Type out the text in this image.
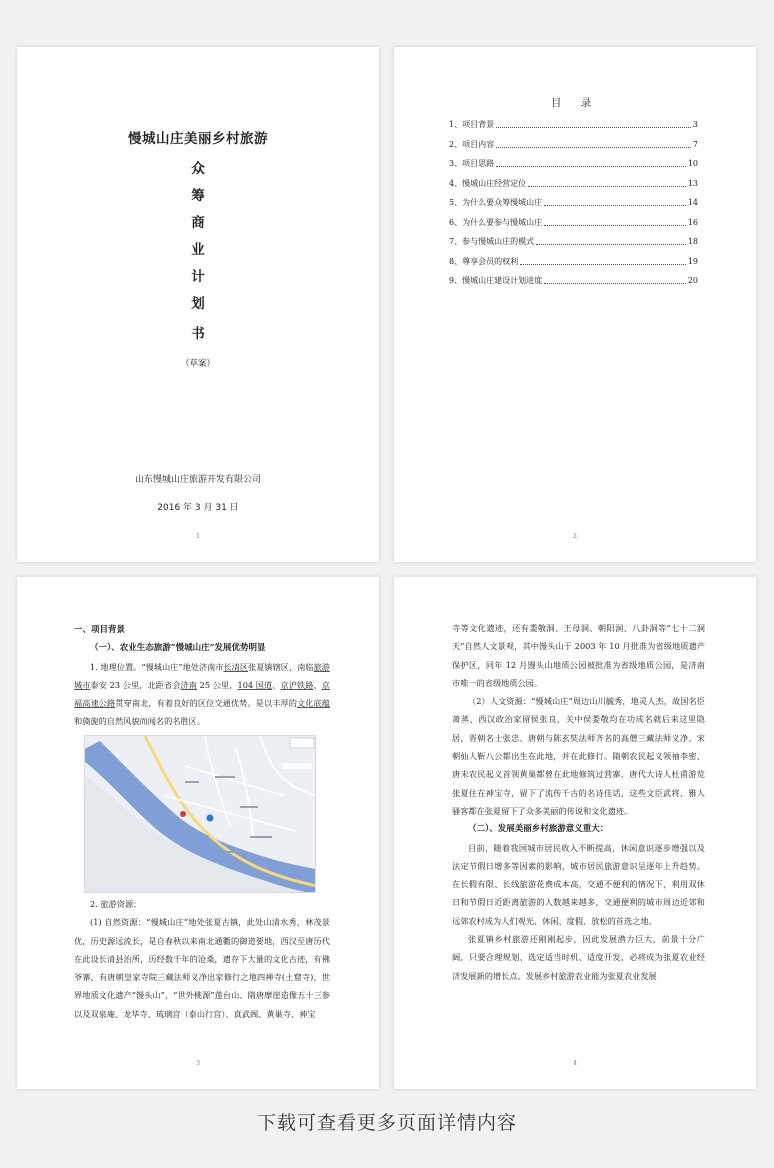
慢城山庄美丽乡村旅游
众
筹
商
业
计
划
书
（草案）
山东慢城山庄旅游开发有限公司
2016 年 3 月 31 日
1
目 录
1、项目背景	3
2、项目内容	7
3、项目思路	10
4、慢城山庄经营定位	13
5、为什么要众筹慢城山庄	14
6、为什么要参与慢城山庄	16
7、参与慢城山庄的模式	18
8、尊享会员的权利	19
9、慢城山庄建设计划进度	20
2

一、项目背景

（一）、农业生态旅游“慢城山庄”发展优势明显

1. 地理位置。“慢城山庄”地处济南市长清区张夏镇辖区，南临旅游城市泰安 23 公里，北距省会济南 25 公里，104 国道、京沪铁路、京福高速公路贯穿南北，有着良好的区位交通优势。是以丰厚的文化底蕴和旖旎的自然风貌而闻名的名胜区。

2. 旅游资源：

(1) 自然资源：“慢城山庄”地处张夏古镇，此处山清水秀，林茂景优，历史源远流长，是自春秋以来南北通衢的御道要地，西汉至唐历代在此设长清县治所，历经数千年的沧桑，遗存下大量的文化古迹，有佛爷寨，有唐朝皇家寺院三藏法师义净出家修行之地四禅寺(土窟寺)，世界地质文化遗产“馒头山”，“世外桃源”莲台山、隋唐摩崖造像五十三参以及双泉庵、龙华寺、琉璃宫（泰山行宫）、真武阁、黄巢寺、神宝

3

寺等文化遗迹，还有娄敬洞、王母洞、朝阳洞、八卦洞等“七十二洞天”自然人文景观，其中馒头山于 2003 年 10 月批准为省级地质遗产保护区，同年 12 月馒头山地质公园被批准为省级地质公园，是济南市唯一的省级地质公园。

（2）人文资源：“慢城山庄”周边山川毓秀，地灵人杰，故国名臣萧蒸、西汉政治家留侯张良，关中侯娄敬均在功成名就后来这里隐居，晋朝名士张忠、唐朝与陈玄奘法师齐名的高僧三藏法师义净、宋朝仙人靳八公都出生在此地，并在此修行。隋朝农民起义领袖李密、唐末农民起义首领黄巢都曾在此地修筑过营寨，唐代大诗人杜甫游览张夏住在神宝寺，留下了流传千古的名诗佳话，这些文臣武将、雅人骚客都在张夏留下了众多美丽的传说和文化遗迹。

（二）、发展美丽乡村旅游意义重大：

目前，随着我国城市居民收入不断提高，休闲意识逐步增强以及法定节假日增多等因素的影响，城市居民旅游意识呈逐年上升趋势。在长假有限、长线旅游花费成本高，交通不便利的情况下，利用双休日和节假日近距离旅游的人数越来越多，交通便利的城市周边近郊和远郊农村成为人们观光、休闲、度假、放松的首选之地。

张夏镇乡村旅游还刚刚起步，因此发展潜力巨大，前景十分广阔，只要合理规划、选定适当时机、适度开发，必将成为张夏农业经济发展新的增长点。发展乡村旅游农业能为张夏农业发展

4
下载可查看更多页面详情内容
